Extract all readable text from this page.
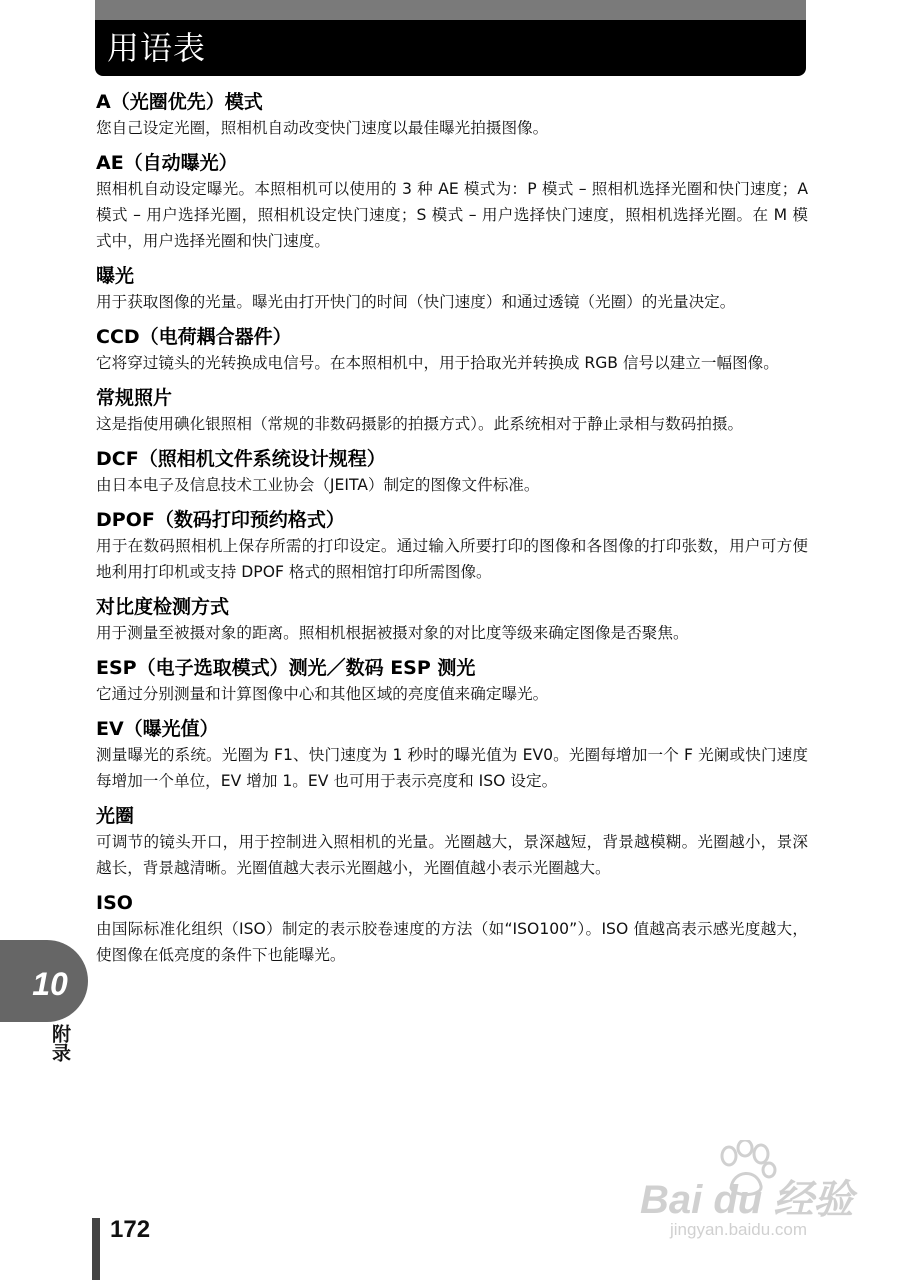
用语表

A（光圈优先）模式

您自己设定光圈，照相机自动改变快门速度以最佳曝光拍摄图像。

AE（自动曝光）

照相机自动设定曝光。本照相机可以使用的 3 种 AE 模式为：P 模式 – 照相机选择光圈和快门速度；A 模式 – 用户选择光圈，照相机设定快门速度；S 模式 – 用户选择快门速度，照相机选择光圈。在 M 模式中，用户选择光圈和快门速度。

曝光

用于获取图像的光量。曝光由打开快门的时间（快门速度）和通过透镜（光圈）的光量决定。

CCD（电荷耦合器件）

它将穿过镜头的光转换成电信号。在本照相机中，用于拾取光并转换成 RGB 信号以建立一幅图像。

常规照片

这是指使用碘化银照相（常规的非数码摄影的拍摄方式）。此系统相对于静止录相与数码拍摄。

DCF（照相机文件系统设计规程）

由日本电子及信息技术工业协会（JEITA）制定的图像文件标准。

DPOF（数码打印预约格式）

用于在数码照相机上保存所需的打印设定。通过输入所要打印的图像和各图像的打印张数，用户可方便地利用打印机或支持 DPOF 格式的照相馆打印所需图像。

对比度检测方式

用于测量至被摄对象的距离。照相机根据被摄对象的对比度等级来确定图像是否聚焦。

ESP（电子选取模式）测光／数码 ESP 测光

它通过分别测量和计算图像中心和其他区域的亮度值来确定曝光。

EV（曝光值）

测量曝光的系统。光圈为 F1、快门速度为 1 秒时的曝光值为 EV0。光圈每增加一个 F 光阑或快门速度每增加一个单位，EV 增加 1。EV 也可用于表示亮度和 ISO 设定。

光圈

可调节的镜头开口，用于控制进入照相机的光量。光圈越大，景深越短，背景越模糊。光圈越小，景深越长，背景越清晰。光圈值越大表示光圈越小，光圈值越小表示光圈越大。

ISO

由国际标准化组织（ISO）制定的表示胶卷速度的方法（如“ISO100”）。ISO 值越高表示感光度越大，使图像在低亮度的条件下也能曝光。

10
附录
172
Bai du 经验
jingyan.baidu.com
